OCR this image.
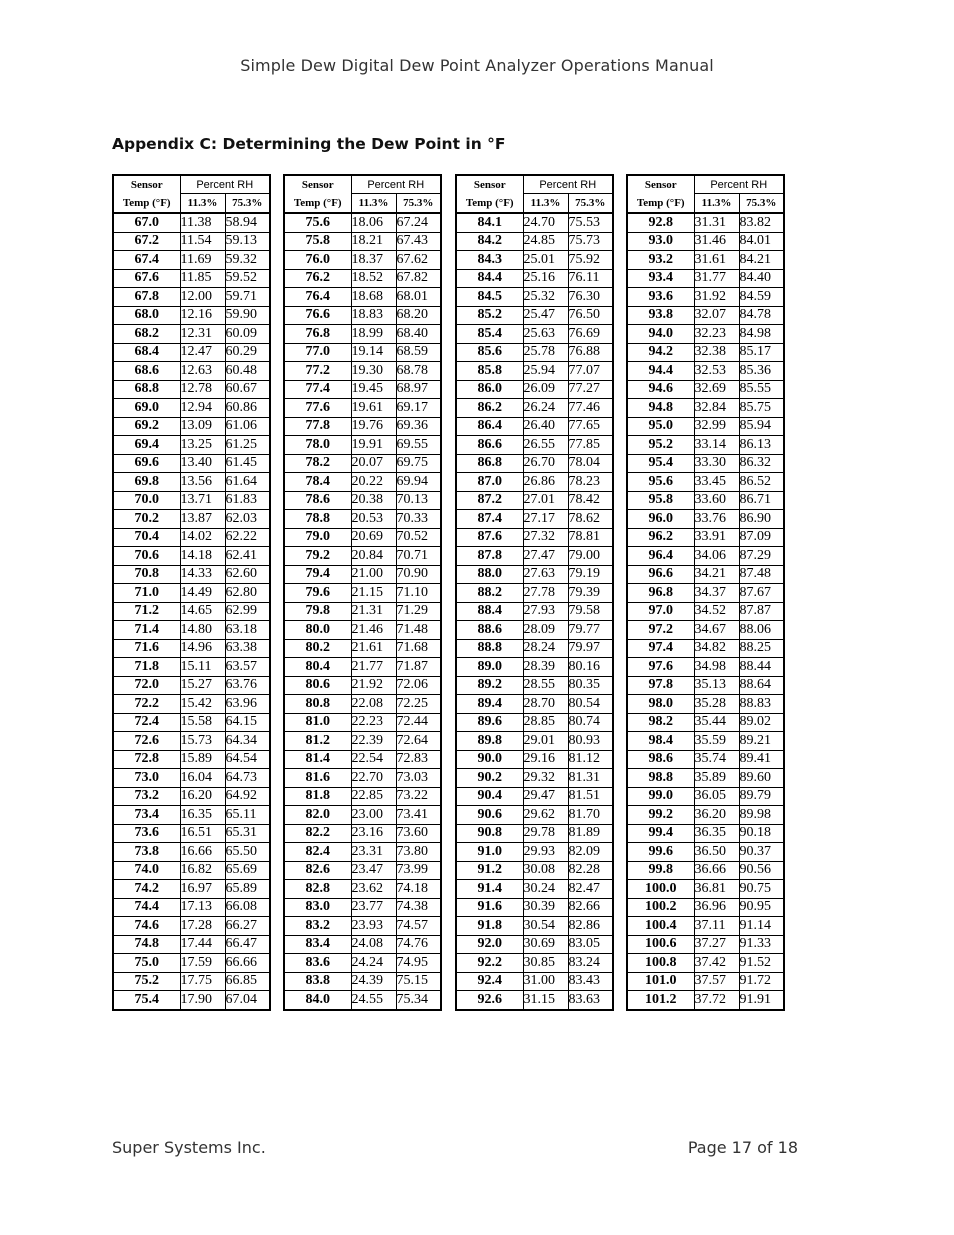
Simple Dew Digital Dew Point Analyzer Operations Manual
Appendix C: Determining the Dew Point in °F
Sensor	Percent RH	
Temp (°F)	11.3%	75.3%
67.0	11.38	58.94
67.2	11.54	59.13
67.4	11.69	59.32
67.6	11.85	59.52
67.8	12.00	59.71
68.0	12.16	59.90
68.2	12.31	60.09
68.4	12.47	60.29
68.6	12.63	60.48
68.8	12.78	60.67
69.0	12.94	60.86
69.2	13.09	61.06
69.4	13.25	61.25
69.6	13.40	61.45
69.8	13.56	61.64
70.0	13.71	61.83
70.2	13.87	62.03
70.4	14.02	62.22
70.6	14.18	62.41
70.8	14.33	62.60
71.0	14.49	62.80
71.2	14.65	62.99
71.4	14.80	63.18
71.6	14.96	63.38
71.8	15.11	63.57
72.0	15.27	63.76
72.2	15.42	63.96
72.4	15.58	64.15
72.6	15.73	64.34
72.8	15.89	64.54
73.0	16.04	64.73
73.2	16.20	64.92
73.4	16.35	65.11
73.6	16.51	65.31
73.8	16.66	65.50
74.0	16.82	65.69
74.2	16.97	65.89
74.4	17.13	66.08
74.6	17.28	66.27
74.8	17.44	66.47
75.0	17.59	66.66
75.2	17.75	66.85
75.4	17.90	67.04
Sensor	Percent RH	
Temp (°F)	11.3%	75.3%
75.6	18.06	67.24
75.8	18.21	67.43
76.0	18.37	67.62
76.2	18.52	67.82
76.4	18.68	68.01
76.6	18.83	68.20
76.8	18.99	68.40
77.0	19.14	68.59
77.2	19.30	68.78
77.4	19.45	68.97
77.6	19.61	69.17
77.8	19.76	69.36
78.0	19.91	69.55
78.2	20.07	69.75
78.4	20.22	69.94
78.6	20.38	70.13
78.8	20.53	70.33
79.0	20.69	70.52
79.2	20.84	70.71
79.4	21.00	70.90
79.6	21.15	71.10
79.8	21.31	71.29
80.0	21.46	71.48
80.2	21.61	71.68
80.4	21.77	71.87
80.6	21.92	72.06
80.8	22.08	72.25
81.0	22.23	72.44
81.2	22.39	72.64
81.4	22.54	72.83
81.6	22.70	73.03
81.8	22.85	73.22
82.0	23.00	73.41
82.2	23.16	73.60
82.4	23.31	73.80
82.6	23.47	73.99
82.8	23.62	74.18
83.0	23.77	74.38
83.2	23.93	74.57
83.4	24.08	74.76
83.6	24.24	74.95
83.8	24.39	75.15
84.0	24.55	75.34
Sensor	Percent RH	
Temp (°F)	11.3%	75.3%
84.1	24.70	75.53
84.2	24.85	75.73
84.3	25.01	75.92
84.4	25.16	76.11
84.5	25.32	76.30
85.2	25.47	76.50
85.4	25.63	76.69
85.6	25.78	76.88
85.8	25.94	77.07
86.0	26.09	77.27
86.2	26.24	77.46
86.4	26.40	77.65
86.6	26.55	77.85
86.8	26.70	78.04
87.0	26.86	78.23
87.2	27.01	78.42
87.4	27.17	78.62
87.6	27.32	78.81
87.8	27.47	79.00
88.0	27.63	79.19
88.2	27.78	79.39
88.4	27.93	79.58
88.6	28.09	79.77
88.8	28.24	79.97
89.0	28.39	80.16
89.2	28.55	80.35
89.4	28.70	80.54
89.6	28.85	80.74
89.8	29.01	80.93
90.0	29.16	81.12
90.2	29.32	81.31
90.4	29.47	81.51
90.6	29.62	81.70
90.8	29.78	81.89
91.0	29.93	82.09
91.2	30.08	82.28
91.4	30.24	82.47
91.6	30.39	82.66
91.8	30.54	82.86
92.0	30.69	83.05
92.2	30.85	83.24
92.4	31.00	83.43
92.6	31.15	83.63
Sensor	Percent RH	
Temp (°F)	11.3%	75.3%
92.8	31.31	83.82
93.0	31.46	84.01
93.2	31.61	84.21
93.4	31.77	84.40
93.6	31.92	84.59
93.8	32.07	84.78
94.0	32.23	84.98
94.2	32.38	85.17
94.4	32.53	85.36
94.6	32.69	85.55
94.8	32.84	85.75
95.0	32.99	85.94
95.2	33.14	86.13
95.4	33.30	86.32
95.6	33.45	86.52
95.8	33.60	86.71
96.0	33.76	86.90
96.2	33.91	87.09
96.4	34.06	87.29
96.6	34.21	87.48
96.8	34.37	87.67
97.0	34.52	87.87
97.2	34.67	88.06
97.4	34.82	88.25
97.6	34.98	88.44
97.8	35.13	88.64
98.0	35.28	88.83
98.2	35.44	89.02
98.4	35.59	89.21
98.6	35.74	89.41
98.8	35.89	89.60
99.0	36.05	89.79
99.2	36.20	89.98
99.4	36.35	90.18
99.6	36.50	90.37
99.8	36.66	90.56
100.0	36.81	90.75
100.2	36.96	90.95
100.4	37.11	91.14
100.6	37.27	91.33
100.8	37.42	91.52
101.0	37.57	91.72
101.2	37.72	91.91
Super Systems Inc.	Page 17 of 18
